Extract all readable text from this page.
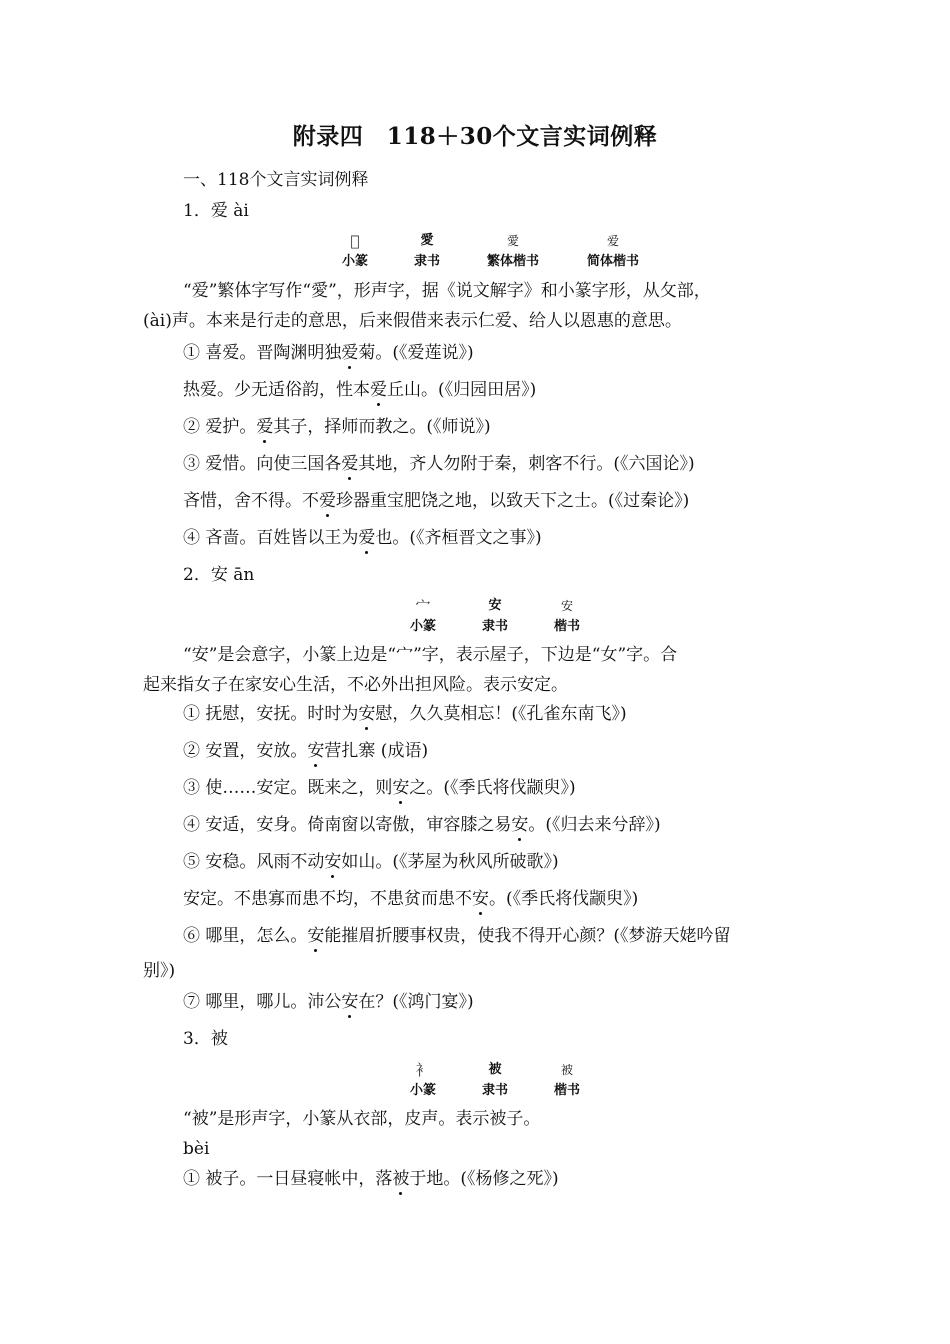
附录四　118＋30个文言实词例释
一、118个文言实词例释
1．爱 ài
𤔫
小篆
愛
隶书
愛
繁体楷书
爱
简体楷书
“爱”繁体字写作“愛”，形声字，据《说文解字》和小篆字形，从攵部，
(ài)声。本来是行走的意思，后来假借来表示仁爱、给人以恩惠的意思。
① 喜爱。晋陶渊明独爱菊。(《爱莲说》)
热爱。少无适俗韵，性本爱丘山。(《归园田居》)
② 爱护。爱其子，择师而教之。(《师说》)
③ 爱惜。向使三国各爱其地，齐人勿附于秦，刺客不行。(《六国论》)
吝惜，舍不得。不爱珍器重宝肥饶之地，以致天下之士。(《过秦论》)
④ 吝啬。百姓皆以王为爱也。(《齐桓晋文之事》)
2．安 ān
宀
小篆
安
隶书
安
楷书
“安”是会意字，小篆上边是“宀”字，表示屋子，下边是“女”字。合
起来指女子在家安心生活，不必外出担风险。表示安定。
① 抚慰，安抚。时时为安慰，久久莫相忘！(《孔雀东南飞》)
② 安置，安放。安营扎寨 (成语)
③ 使……安定。既来之，则安之。(《季氏将伐颛臾》)
④ 安适，安身。倚南窗以寄傲，审容膝之易安。(《归去来兮辞》)
⑤ 安稳。风雨不动安如山。(《茅屋为秋风所破歌》)
安定。不患寡而患不均，不患贫而患不安。(《季氏将伐颛臾》)
⑥ 哪里，怎么。安能摧眉折腰事权贵，使我不得开心颜？(《梦游天姥吟留
别》)
⑦ 哪里，哪儿。沛公安在？(《鸿门宴》)
3．被
衤
小篆
被
隶书
被
楷书
“被”是形声字，小篆从衣部，皮声。表示被子。
bèi
① 被子。一日昼寝帐中，落被于地。(《杨修之死》)
